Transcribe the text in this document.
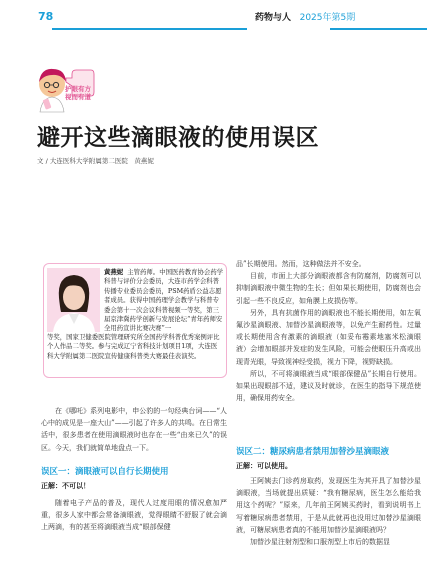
78	药物与人 2025年第5期
护眼有方
视而有道
避开这些滴眼液的使用误区
文 / 大连医科大学附属第二医院　黄燕妮
黄燕妮 主管药师。中国医药教育协会药学科普与评价分会委员，大连市药学会科普传播专业委员会委员，PSM药盾公益志愿者成员。获得中国药理学会教学与科普专委会第十一次会议科普视频一等奖，第三届京津冀药学创新与发展论坛“青年药师安全用药宣讲比赛决赛”一
等奖，国家卫健委医院管理研究所全国药学科普优秀案例评比个人作品二等奖。参与完成辽宁省科技计划项目1项，大连医科大学附属第二医院宣传健康科普类大赛最佳表演奖。

在《哪吒》系列电影中，申公豹的一句经典台词——“人心中的成见是一座大山”——引起了许多人的共鸣。在日常生活中，很多患者在使用滴眼液时也存在一些“由来已久”的误区。今天，我们就简单地盘点一下。

误区一：滴眼液可以自行长期使用

正解：不可以！

随着电子产品的普及，现代人过度用眼的情况愈加严重，很多人家中都会常备滴眼液，觉得眼睛不舒服了就会滴上两滴，有的甚至将滴眼液当成“眼部保健

品”长期使用。然而，这种做法并不安全。

目前，市面上大部分滴眼液都含有防腐剂，防腐剂可以抑制滴眼液中微生物的生长；但如果长期使用，防腐剂也会引起一些不良反应，如角膜上皮损伤等。

另外，具有抗菌作用的滴眼液也不能长期使用，如左氧氟沙星滴眼液、加替沙星滴眼液等，以免产生耐药性。过量或长期使用含有激素的滴眼液（如妥布霉素地塞米松滴眼液）会增加眼部并发症的发生风险，可能会使眼压升高或出现青光眼，导致视神经受损，视力下降，视野缺损。

所以，不可将滴眼液当成“眼部保健品”长期自行使用。如果出现眼部不适，建议及时就诊，在医生的指导下规范使用，确保用药安全。

误区二：糖尿病患者禁用加替沙星滴眼液

正解：可以使用。

王阿姨去门诊药房取药，发现医生为其开具了加替沙星滴眼液，当场就提出质疑：“我有糖尿病，医生怎么能给我用这个药呢？”原来，几年前王阿姨买药时，看到说明书上写着糖尿病患者禁用，于是从此就再也没用过加替沙星滴眼液，可糖尿病患者真的不能用加替沙星滴眼液吗？

加替沙星注射剂型和口服剂型上市后的数据显
